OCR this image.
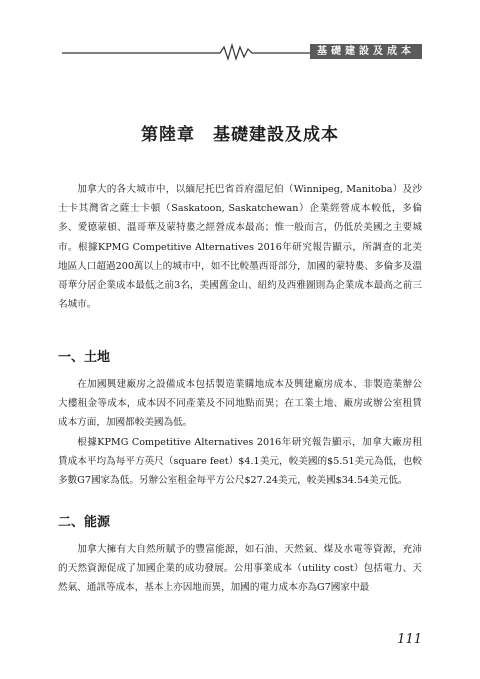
基礎建設及成本
第陸章　基礎建設及成本

加拿大的各大城市中，以緬尼托巴省首府溫尼伯（Winnipeg, Manitoba）及沙士卡其灣省之薩士卡頓（Saskatoon, Saskatchewan）企業經營成本較低，多倫多、愛德蒙頓、溫哥華及蒙特婁之經營成本最高；惟一般而言，仍低於美國之主要城市。根據KPMG Competitive Alternatives 2016年研究報告顯示，所調查的北美地區人口超過200萬以上的城市中，如不比較墨西哥部分，加國的蒙特婁、多倫多及溫哥華分居企業成本最低之前3名，美國舊金山、紐約及西雅圖則為企業成本最高之前三名城市。

一、土地

在加國興建廠房之設備成本包括製造業購地成本及興建廠房成本、非製造業辦公大樓租金等成本，成本因不同產業及不同地點而異；在工業土地、廠房或辦公室租賃成本方面，加國都較美國為低。

根據KPMG Competitive Alternatives 2016年研究報告顯示，加拿大廠房租賃成本平均為每平方英尺（square feet）$4.1美元，較美國的$5.51美元為低，也較多數G7國家為低。另辦公室租金每平方公尺$27.24美元，較美國$34.54美元低。

二、能源

加拿大擁有大自然所賦予的豐富能源，如石油、天然氣、煤及水電等資源，充沛的天然資源促成了加國企業的成功發展。公用事業成本（utility cost）包括電力、天然氣、通訊等成本，基本上亦因地而異，加國的電力成本亦為G7國家中最

111
